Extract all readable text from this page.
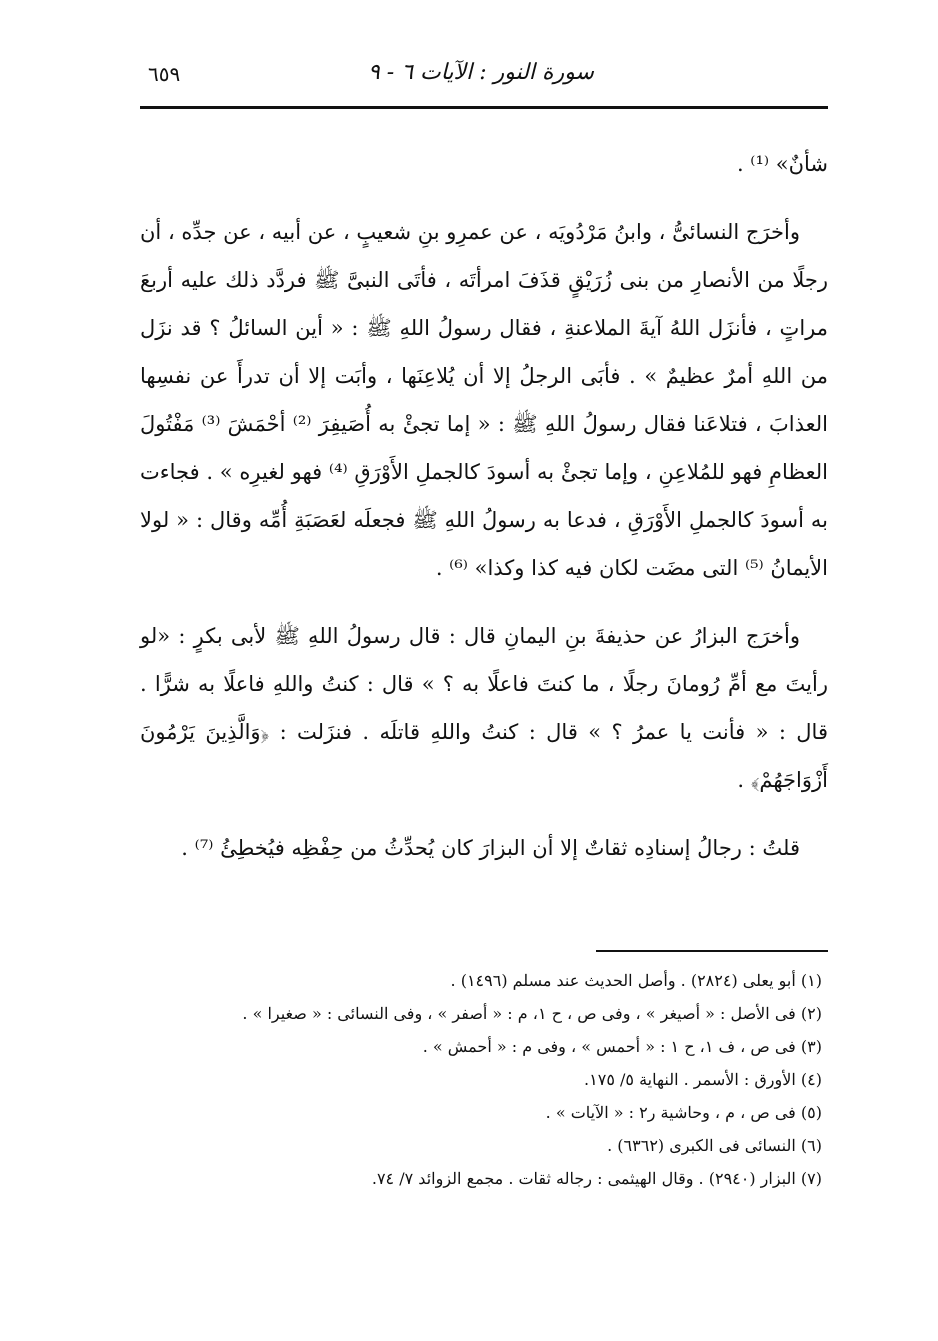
٦٥٩	سورة النور : الآيات ٦ - ٩

شأنٌ» ⁽¹⁾ .

وأخرَج النسائىُّ ، وابنُ مَرْدُويَه ، عن عمرِو بنِ شعيبٍ ، عن أبيه ، عن جدِّه ، أن رجلًا من الأنصارِ من بنى زُرَيْقٍ قذَفَ امرأتَه ، فأتَى النبىَّ ﷺ فردَّد ذلك عليه أربعَ مراتٍ ، فأنزَل اللهُ آيةَ الملاعنةِ ، فقال رسولُ اللهِ ﷺ : « أين السائلُ ؟ قد نزَل من اللهِ أمرٌ عظيمٌ » . فأبَى الرجلُ إلا أن يُلاعِنَها ، وأبَت إلا أن تدرأَ عن نفسِها العذابَ ، فتلاعَنا فقال رسولُ اللهِ ﷺ : « إما تجئْ به أُصَيفِرَ ⁽²⁾ أحْمَشَ ⁽³⁾ مَفْتُولَ العظامِ فهو للمُلاعِنِ ، وإما تجئْ به أسودَ كالجملِ الأَوْرَقِ ⁽⁴⁾ فهو لغيرِه » . فجاءت به أسودَ كالجملِ الأَوْرَقِ ، فدعا به رسولُ اللهِ ﷺ فجعلَه لعَصَبَةِ أُمِّه وقال : « لولا الأيمانُ ⁽⁵⁾ التى مضَت لكان فيه كذا وكذا» ⁽⁶⁾ .

وأخرَج البزارُ عن حذيفةَ بنِ اليمانِ قال : قال رسولُ اللهِ ﷺ لأبى بكرٍ : «لو رأيتَ مع أمِّ رُومانَ رجلًا ، ما كنتَ فاعلًا به ؟ » قال : كنتُ واللهِ فاعلًا به شرًّا . قال : « فأنت يا عمرُ ؟ » قال : كنتُ واللهِ قاتلَه . فنزَلت : ﴿وَالَّذِينَ يَرْمُونَ أَزْوَاجَهُمْ﴾ .

قلتُ : رجالُ إسنادِه ثقاتٌ إلا أن البزارَ كان يُحدِّثُ من حِفْظِه فيُخطِئُ ⁽⁷⁾ .

(١) أبو يعلى (٢٨٢٤) . وأصل الحديث عند مسلم (١٤٩٦) .

(٢) فى الأصل : « أصيغر » ، وفى ص ، ح ١، م : « أصفر » ، وفى النسائى : « صغيرا » .

(٣) فى ص ، ف ١، ح ١ : « أحمس » ، وفى م : « أحمش » .

(٤) الأورق : الأسمر . النهاية ٥/ ١٧٥.

(٥) فى ص ، م ، وحاشية ر٢ : « الآيات » .

(٦) النسائى فى الكبرى (٦٣٦٢) .

(٧) البزار (٢٩٤٠) . وقال الهيثمى : رجاله ثقات . مجمع الزوائد ٧/ ٧٤.
